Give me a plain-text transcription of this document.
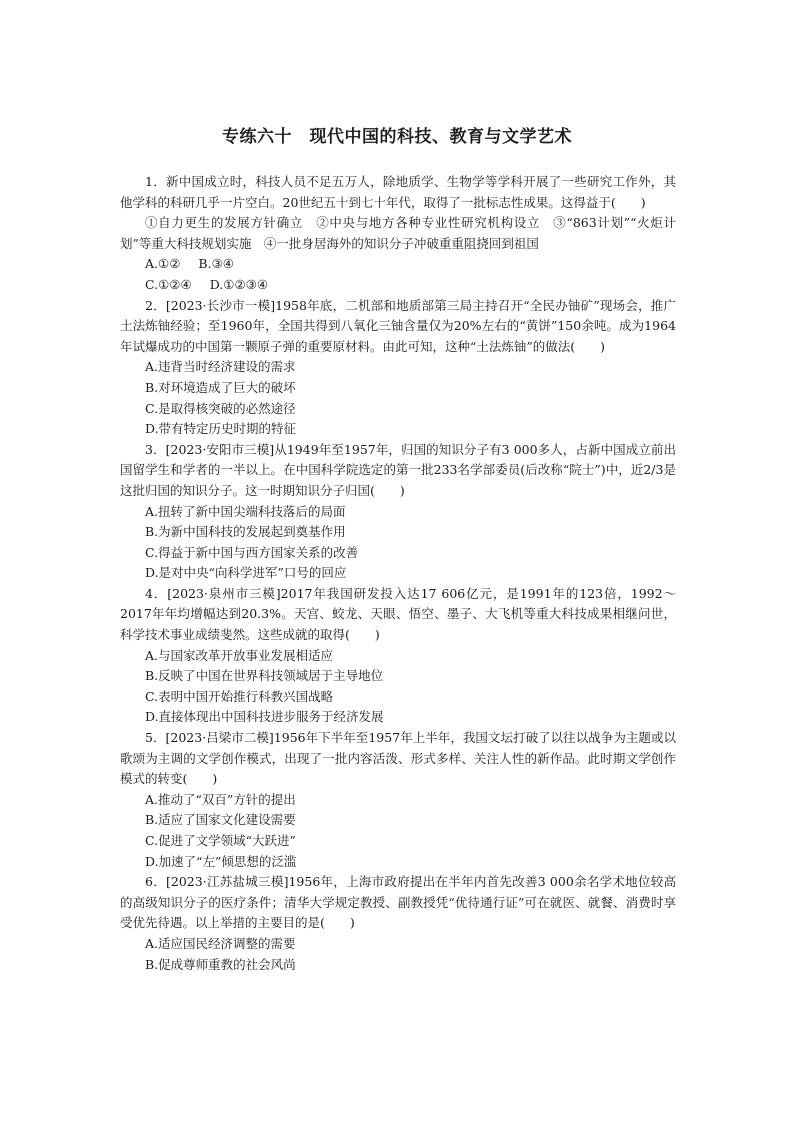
专练六十　现代中国的科技、教育与文学艺术

1．新中国成立时，科技人员不足五万人，除地质学、生物学等学科开展了一些研究工作外，其他学科的科研几乎一片空白。20世纪五十到七十年代，取得了一批标志性成果。这得益于(　　)

①自力更生的发展方针确立　②中央与地方各种专业性研究机构设立　③“863计划”“火炬计划”等重大科技规划实施　④一批身居海外的知识分子冲破重重阻挠回到祖国

A.①② B.③④

C.①②④ D.①②③④

2．[2023·长沙市一模]1958年底，二机部和地质部第三局主持召开“全民办铀矿”现场会，推广土法炼铀经验；至1960年，全国共得到八氧化三铀含量仅为20%左右的“黄饼”150余吨。成为1964年试爆成功的中国第一颗原子弹的重要原材料。由此可知，这种“土法炼铀”的做法(　　)

A.违背当时经济建设的需求

B.对环境造成了巨大的破坏

C.是取得核突破的必然途径

D.带有特定历史时期的特征

3．[2023·安阳市三模]从1949年至1957年，归国的知识分子有3 000多人，占新中国成立前出国留学生和学者的一半以上。在中国科学院选定的第一批233名学部委员(后改称“院士”)中，近2/3是这批归国的知识分子。这一时期知识分子归国(　　)

A.扭转了新中国尖端科技落后的局面

B.为新中国科技的发展起到奠基作用

C.得益于新中国与西方国家关系的改善

D.是对中央“向科学进军”口号的回应

4．[2023·泉州市三模]2017年我国研发投入达17 606亿元，是1991年的123倍，1992～2017年年均增幅达到20.3%。天宫、蛟龙、天眼、悟空、墨子、大飞机等重大科技成果相继问世，科学技术事业成绩斐然。这些成就的取得(　　)

A.与国家改革开放事业发展相适应

B.反映了中国在世界科技领域居于主导地位

C.表明中国开始推行科教兴国战略

D.直接体现出中国科技进步服务于经济发展

5．[2023·吕梁市二模]1956年下半年至1957年上半年，我国文坛打破了以往以战争为主题或以歌颂为主调的文学创作模式，出现了一批内容活泼、形式多样、关注人性的新作品。此时期文学创作模式的转变(　　)

A.推动了“双百”方针的提出

B.适应了国家文化建设需要

C.促进了文学领域“大跃进”

D.加速了“左”倾思想的泛滥

6．[2023·江苏盐城三模]1956年，上海市政府提出在半年内首先改善3 000余名学术地位较高的高级知识分子的医疗条件；清华大学规定教授、副教授凭“优待通行证”可在就医、就餐、消费时享受优先待遇。以上举措的主要目的是(　　)

A.适应国民经济调整的需要

B.促成尊师重教的社会风尚
